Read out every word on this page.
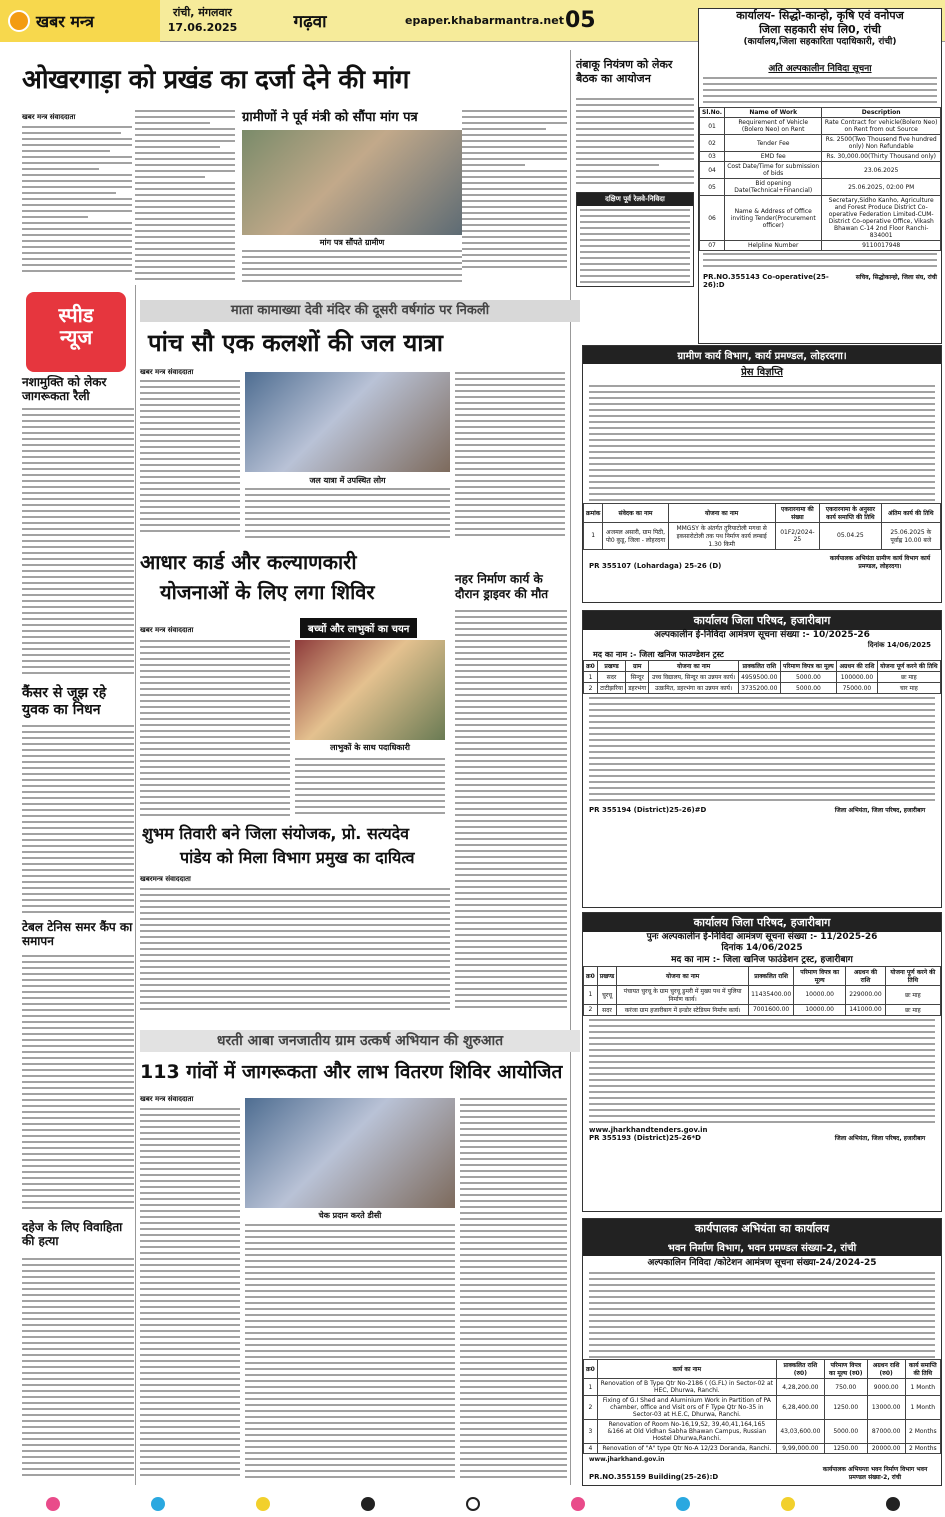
खबर मन्त्र	रांची, मंगलवार
17.06.2025	गढ़वा	epaper.khabarmantra.net 05
ओखरगाड़ा को प्रखंड का दर्जा देने की मांग
खबर मन्त्र संवाददाता	ग्रामीणों ने पूर्व मंत्री को सौंपा मांग पत्र
मांग पत्र सौंपते ग्रामीण
तंबाकू नियंत्रण को लेकर बैठक का आयोजन
दक्षिण पूर्व रेलवे-निविदा
स्पीड
न्यूज
नशामुक्ति को लेकर जागरूकता रैली
कैंसर से जूझ रहे युवक का निधन
टेबल टेनिस समर कैंप का समापन
दहेज के लिए विवाहिता की हत्या
माता कामाख्या देवी मंदिर की दूसरी वर्षगांठ पर निकली
पांच सौ एक कलशों की जल यात्रा
खबर मन्त्र संवाददाता
जल यात्रा में उपस्थित लोग
आधार कार्ड और कल्याणकारी
योजनाओं के लिए लगा शिविर
बच्चों और लाभुकों का चयन
खबर मन्त्र संवाददाता
लाभुकों के साथ पदाधिकारी
नहर निर्माण कार्य के दौरान ड्राइवर की मौत
शुभम तिवारी बने जिला संयोजक, प्रो. सत्यदेव
पांडेय को मिला विभाग प्रमुख का दायित्व
खबरमन्त्र संवाददाता
धरती आबा जनजातीय ग्राम उत्कर्ष अभियान की शुरुआत
113 गांवों में जागरूकता और लाभ वितरण शिविर आयोजित
खबर मन्त्र संवाददाता
चेक प्रदान करते डीसी
कार्यालय- सिद्धो-कान्हो, कृषि एवं वनोपज
जिला सहकारी संघ लि0, रांची
(कार्यालय,जिला सहकारिता पदाधिकारी, रांची)
अति अल्पकालीन निविदा सूचना
Sl.No.	Name of Work	Description
01	Requirement of Vehicle (Bolero Neo) on Rent	Rate Contract for vehicle(Bolero Neo) on Rent from out Source
02	Tender Fee	Rs. 2500(Two Thousend five hundred only) Non Refundable
03	EMD fee	Rs. 30,000.00(Thirty Thousand only)
04	Cost Date/Time for submission of bids	23.06.2025
05	Bid opening Date(Technical+Financial)	25.06.2025, 02:00 PM
06	Name & Address of Office inviting Tender(Procurement officer)	Secretary,Sidho Kanho, Agriculture and Forest Produce District Co-operative Federation Limited-CUM-District Co-operative Office, Vikash Bhawan C-14 2nd Floor Ranchi- 834001
07	Helpline Number	9110017948
PR.NO.355143 Co-operative(25-26):D
सचिव, सिद्धोकान्हो, जिला संघ, रांची
ग्रामीण कार्य विभाग, कार्य प्रमण्डल, लोहरदगा।
प्रेस विज्ञप्ति
क्रमांक	संवेदक का नाम	योजना का नाम	एकरारनामा की संख्या	एकरारनामा के अनुसार कार्य समाप्ति की तिथि	अंतिम कार्य की तिथि
1	अजमल असारी, ग्राम पिठी, पो0 कुडू, जिला - लोहरदगा	MMGSY के अंतर्गत तुरियाटोली मगधा से इकसारोटोली तक पथ निर्माण कार्य लम्बाई 1.30 किमी	01F2/2024-25	05.04.25	25.06.2025 के पूर्वाह्न 10.00 बजे
PR 355107 (Lohardaga) 25-26 (D)
कार्यपालक अभियंता ग्रामीण कार्य विभाग कार्य प्रमण्डल, लोहरदगा।
कार्यालय जिला परिषद, हजारीबाग
अल्पकालीन ई-निविदा आमंत्रण सूचना संख्या :- 10/2025-26
दिनांक 14/06/2025
मद का नाम :- जिला खनिज फाउण्डेशन ट्रस्ट
क्र0	प्रखण्ड	ग्राम	योजना का नाम	प्राक्कलित राशि	परिमाण विपत्र का मूल्य	अग्रधन की राशि	योजना पूर्ण करने की तिथि
1	सदर	सिन्दूर	उच्च विद्यालय, सिन्दूर का उन्नयन कार्य।	4959500.00	5000.00	100000.00	छः माह
2	टाटीझरिया	डहरभंगा	उत्क्रमित, डहरभंगा का उन्नयन कार्य।	3735200.00	5000.00	75000.00	चार माह
PR 355194 (District)25-26)#D	जिला अभियंता, जिला परिषद, हजारीबाग
कार्यालय जिला परिषद, हजारीबाग
पुनः अल्पकालीन ई-निविदा आमंत्रण सूचना संख्या :- 11/2025-26
दिनांक 14/06/2025
मद का नाम :- जिला खनिज फाउंडेशन ट्रस्ट, हजारीबाग
क्र0	प्रखण्ड	योजना का नाम	प्राक्कलित राशि	परिमाण विपत्र का मूल्य	अग्रधन की राशि	योजना पूर्ण करने की तिथि
1	चुरचू	पंचायत चुरचू के ग्राम चुरचू डुमरी में मुख्य पथ में पुलिया निर्माण कार्य।	11435400.00	10000.00	229000.00	छः माह
2	सदर	करंजा ग्राम हजारीबाग में इन्डोर स्टेडियम निर्माण कार्य।	7001600.00	10000.00	141000.00	छः माह
www.jharkhandtenders.gov.in
PR 355193 (District)25-26*D	जिला अभियंता, जिला परिषद, हजारीबाग
कार्यपालक अभियंता का कार्यालय
भवन निर्माण विभाग, भवन प्रमण्डल संख्या-2, रांची
अल्पकालिन निविदा /कोटेशन आमंत्रण सूचना संख्या-24/2024-25
क्र0	कार्य का नाम	प्राक्कलित राशि (रु0)	परिमाण विपत्र का मूल्य (रु0)	अग्रधन राशि (रु0)	कार्य समाप्ति की तिथि
1	Renovation of B Type Qtr No-2186 ( (G.FL) in Sector-02 at HEC, Dhurwa, Ranchi.	4,28,200.00	750.00	9000.00	1 Month
2	Fixing of G.I Shed and Aluminium Work in Partition of PA chamber, office and Visit ors of F Type Qtr No-35 in Sector-03 at H.E.C, Dhurwa, Ranchi.	6,28,400.00	1250.00	13000.00	1 Month
3	Renovation of Room No-16,19,S2, 39,40,41,164,165 &166 at Old Vidhan Sabha Bhawan Campus, Russian Hostel Dhurwa,Ranchi.	43,03,600.00	5000.00	87000.00	2 Months
4	Renovation of "A" type Qtr No-A 12/23 Doranda, Ranchi.	9,99,000.00	1250.00	20000.00	2 Months
www.jharkhand.gov.in
PR.NO.355159 Building(25-26):D
कार्यपालक अभियन्ता भवन निर्माण विभाग भवन प्रमण्डल संख्या-2, रांची
